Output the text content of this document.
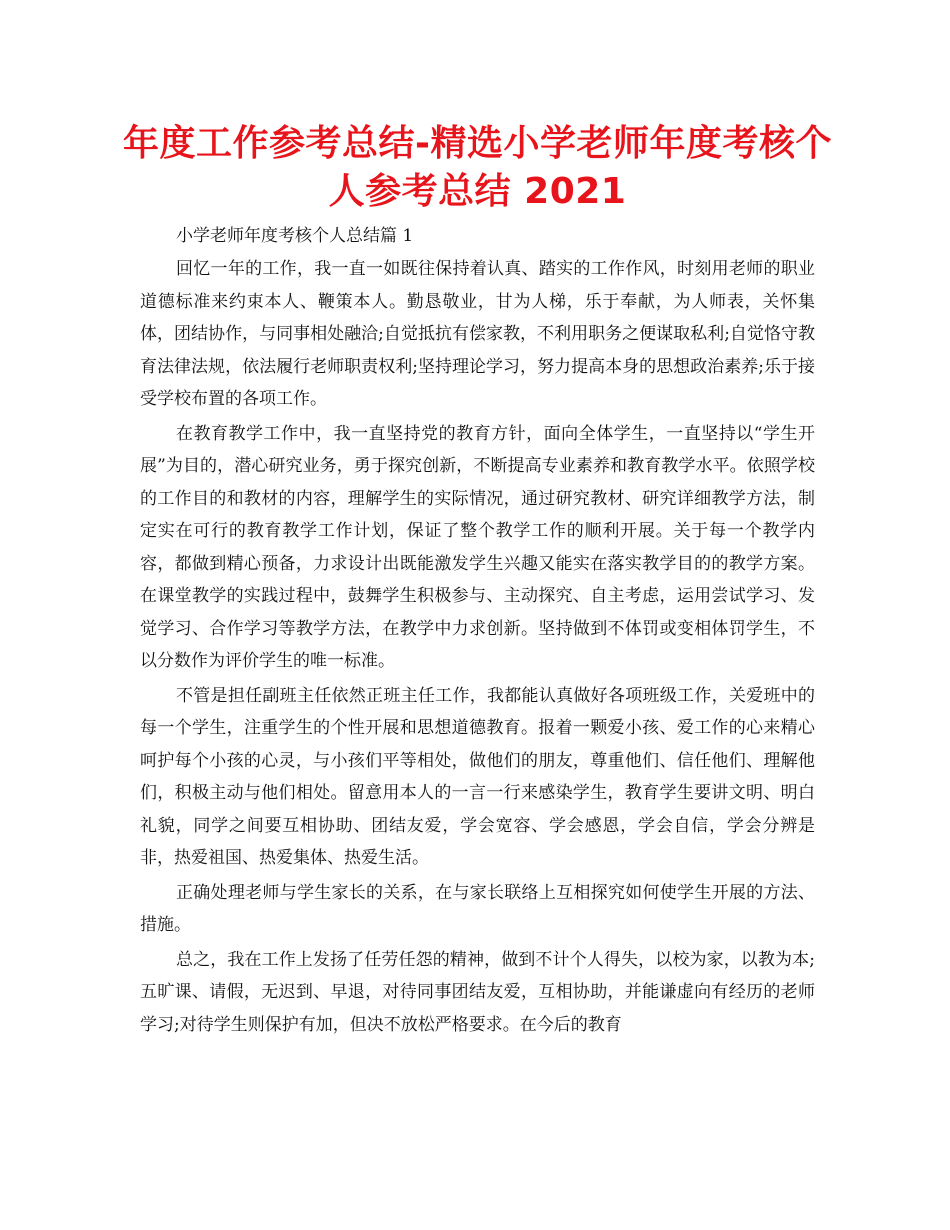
年度工作参考总结-精选小学老师年度考核个人参考总结 2021
小学老师年度考核个人总结篇 1

回忆一年的工作，我一直一如既往保持着认真、踏实的工作作风，时刻用老师的职业道德标准来约束本人、鞭策本人。勤恳敬业，甘为人梯，乐于奉献，为人师表，关怀集体，团结协作，与同事相处融洽;自觉抵抗有偿家教，不利用职务之便谋取私利;自觉恪守教育法律法规，依法履行老师职责权利;坚持理论学习，努力提高本身的思想政治素养;乐于接受学校布置的各项工作。

在教育教学工作中，我一直坚持党的教育方针，面向全体学生，一直坚持以“学生开展”为目的，潜心研究业务，勇于探究创新，不断提高专业素养和教育教学水平。依照学校的工作目的和教材的内容，理解学生的实际情况，通过研究教材、研究详细教学方法，制定实在可行的教育教学工作计划，保证了整个教学工作的顺利开展。关于每一个教学内容，都做到精心预备，力求设计出既能激发学生兴趣又能实在落实教学目的的教学方案。在课堂教学的实践过程中，鼓舞学生积极参与、主动探究、自主考虑，运用尝试学习、发觉学习、合作学习等教学方法，在教学中力求创新。坚持做到不体罚或变相体罚学生，不以分数作为评价学生的唯一标准。

不管是担任副班主任依然正班主任工作，我都能认真做好各项班级工作，关爱班中的每一个学生，注重学生的个性开展和思想道德教育。报着一颗爱小孩、爱工作的心来精心呵护每个小孩的心灵，与小孩们平等相处，做他们的朋友，尊重他们、信任他们、理解他们，积极主动与他们相处。留意用本人的一言一行来感染学生，教育学生要讲文明、明白礼貌，同学之间要互相协助、团结友爱，学会宽容、学会感恩，学会自信，学会分辨是非，热爱祖国、热爱集体、热爱生活。

正确处理老师与学生家长的关系，在与家长联络上互相探究如何使学生开展的方法、措施。

总之，我在工作上发扬了任劳任怨的精神，做到不计个人得失，以校为家，以教为本;五旷课、请假，无迟到、早退，对待同事团结友爱，互相协助，并能谦虚向有经历的老师学习;对待学生则保护有加，但决不放松严格要求。在今后的教育
